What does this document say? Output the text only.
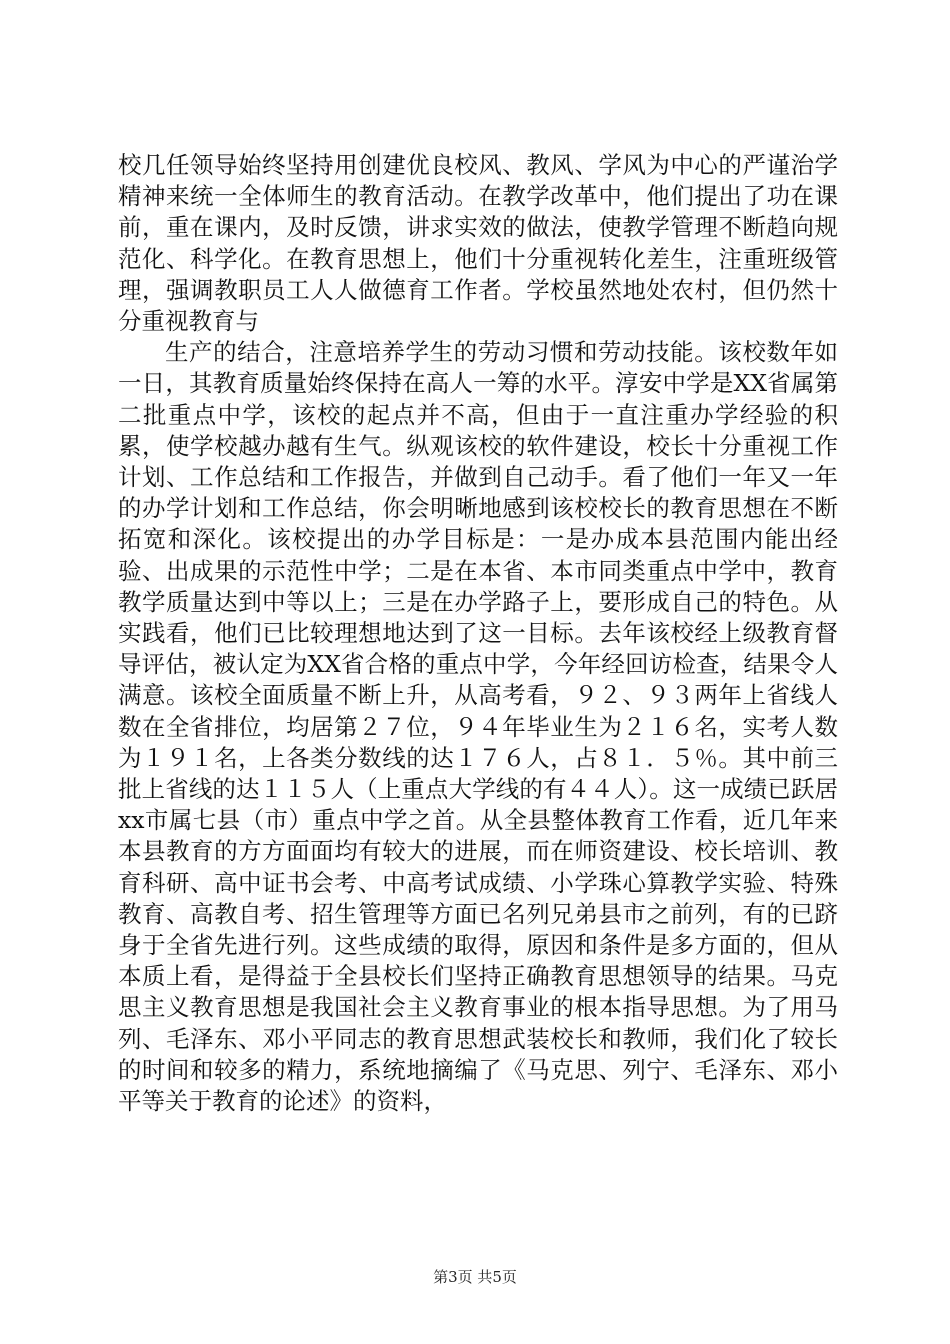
校几任领导始终坚持用创建优良校风、教风、学风为中心的严谨治学精神来统一全体师生的教育活动。在教学改革中，他们提出了功在课前，重在课内，及时反馈，讲求实效的做法，使教学管理不断趋向规范化、科学化。在教育思想上，他们十分重视转化差生，注重班级管理，强调教职员工人人做德育工作者。学校虽然地处农村，但仍然十分重视教育与

生产的结合，注意培养学生的劳动习惯和劳动技能。该校数年如一日，其教育质量始终保持在高人一筹的水平。淳安中学是XX省属第二批重点中学，该校的起点并不高，但由于一直注重办学经验的积累，使学校越办越有生气。纵观该校的软件建设，校长十分重视工作计划、工作总结和工作报告，并做到自己动手。看了他们一年又一年的办学计划和工作总结，你会明晰地感到该校校长的教育思想在不断拓宽和深化。该校提出的办学目标是：一是办成本县范围内能出经验、出成果的示范性中学；二是在本省、本市同类重点中学中，教育教学质量达到中等以上；三是在办学路子上，要形成自己的特色。从实践看，他们已比较理想地达到了这一目标。去年该校经上级教育督导评估，被认定为XX省合格的重点中学，今年经回访检查，结果令人满意。该校全面质量不断上升，从高考看，９２、９３两年上省线人数在全省排位，均居第２７位，９４年毕业生为２１６名，实考人数为１９１名，上各类分数线的达１７６人，占８１．５％。其中前三批上省线的达１１５人（上重点大学线的有４４人）。这一成绩已跃居xx市属七县（市）重点中学之首。从全县整体教育工作看，近几年来本县教育的方方面面均有较大的进展，而在师资建设、校长培训、教育科研、高中证书会考、中高考试成绩、小学珠心算教学实验、特殊教育、高教自考、招生管理等方面已名列兄弟县市之前列，有的已跻身于全省先进行列。这些成绩的取得，原因和条件是多方面的，但从本质上看，是得益于全县校长们坚持正确教育思想领导的结果。马克思主义教育思想是我国社会主义教育事业的根本指导思想。为了用马列、毛泽东、邓小平同志的教育思想武装校长和教师，我们化了较长的时间和较多的精力，系统地摘编了《马克思、列宁、毛泽东、邓小平等关于教育的论述》的资料，

第3页 共5页
